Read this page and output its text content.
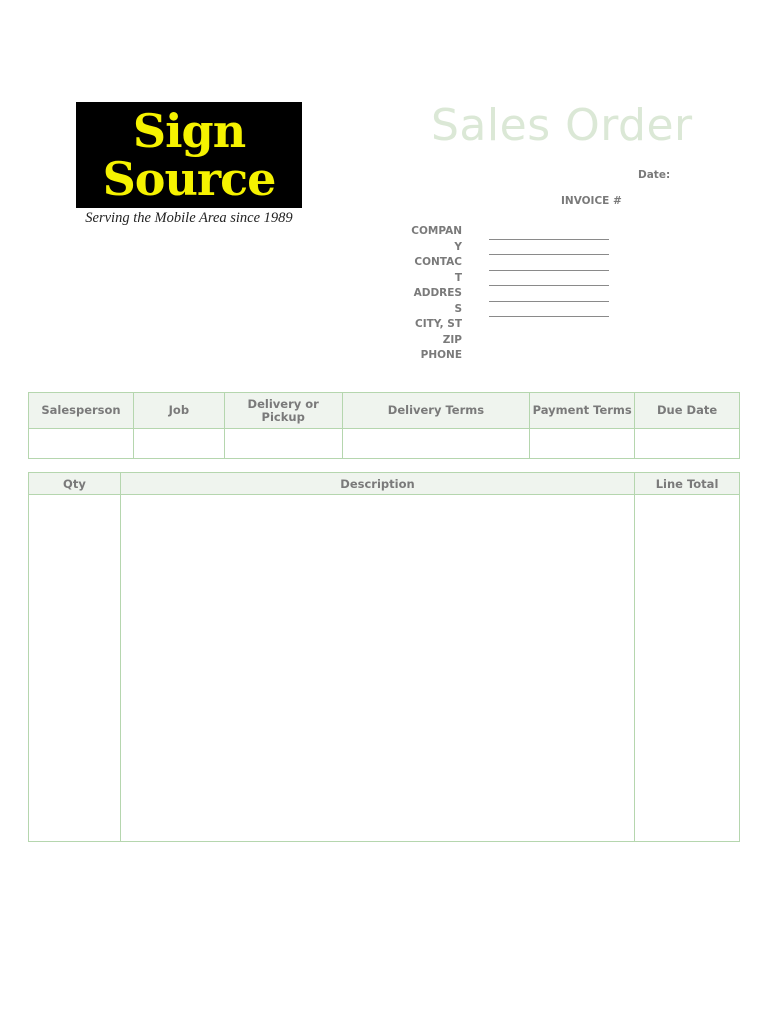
Sign
Source
Serving the Mobile Area since 1989
Sales Order
Date:
INVOICE #
COMPAN
Y
CONTAC
T
ADDRES
S
CITY, ST
ZIP
PHONE
Salesperson	Job	Delivery or Pickup	Delivery Terms	Payment Terms	Due Date

Qty	Description	Line Total
